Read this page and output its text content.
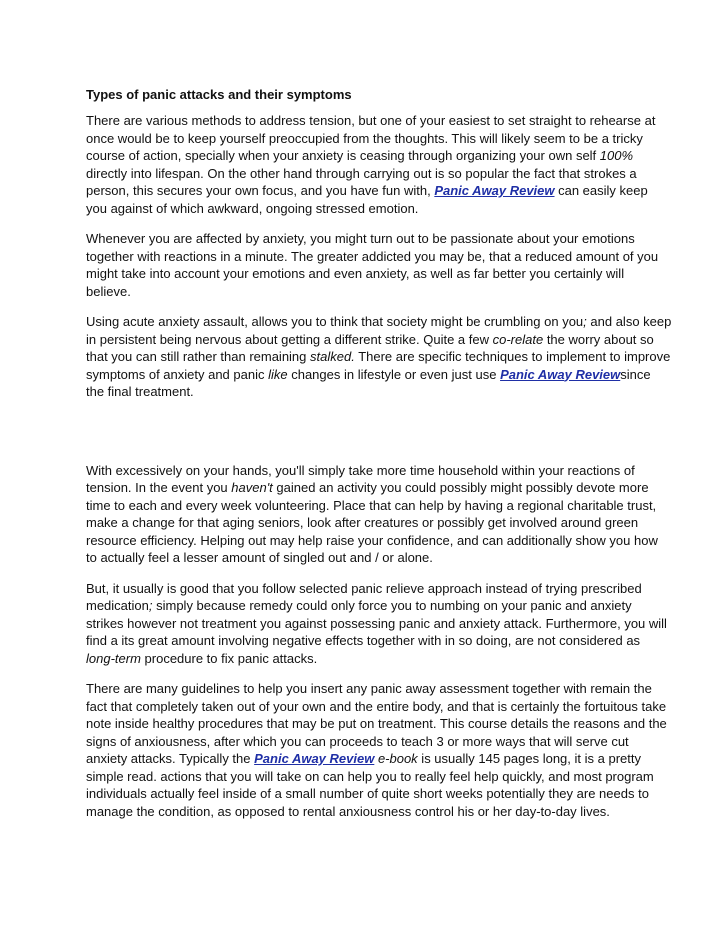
Types of panic attacks and their symptoms

There are various methods to address tension, but one of your easiest to set straight to rehearse at once would be to keep yourself preoccupied from the thoughts. This will likely seem to be a tricky course of action, specially when your anxiety is ceasing through organizing your own self 100% directly into lifespan. On the other hand through carrying out is so popular the fact that strokes a person, this secures your own focus, and you have fun with, Panic Away Review can easily keep you against of which awkward, ongoing stressed emotion.

Whenever you are affected by anxiety, you might turn out to be passionate about your emotions together with reactions in a minute. The greater addicted you may be, that a reduced amount of you might take into account your emotions and even anxiety, as well as far better you certainly will believe.

Using acute anxiety assault, allows you to think that society might be crumbling on you; and also keep in persistent being nervous about getting a different strike. Quite a few co-relate the worry about so that you can still rather than remaining stalked. There are specific techniques to implement to improve symptoms of anxiety and panic like changes in lifestyle or even just use Panic Away Reviewsince the final treatment.

With excessively on your hands, you'll simply take more time household within your reactions of tension. In the event you haven't gained an activity you could possibly might possibly devote more time to each and every week volunteering. Place that can help by having a regional charitable trust, make a change for that aging seniors, look after creatures or possibly get involved around green resource efficiency. Helping out may help raise your confidence, and can additionally show you how to actually feel a lesser amount of singled out and / or alone.

But, it usually is good that you follow selected panic relieve approach instead of trying prescribed medication; simply because remedy could only force you to numbing on your panic and anxiety strikes however not treatment you against possessing panic and anxiety attack. Furthermore, you will find a its great amount involving negative effects together with in so doing, are not considered as long-term procedure to fix panic attacks.

There are many guidelines to help you insert any panic away assessment together with remain the fact that completely taken out of your own and the entire body, and that is certainly the fortuitous take note inside healthy procedures that may be put on treatment. This course details the reasons and the signs of anxiousness, after which you can proceeds to teach 3 or more ways that will serve cut anxiety attacks. Typically the Panic Away Review e-book is usually 145 pages long, it is a pretty simple read. actions that you will take on can help you to really feel help quickly, and most program individuals actually feel inside of a small number of quite short weeks potentially they are needs to manage the condition, as opposed to rental anxiousness control his or her day-to-day lives.
